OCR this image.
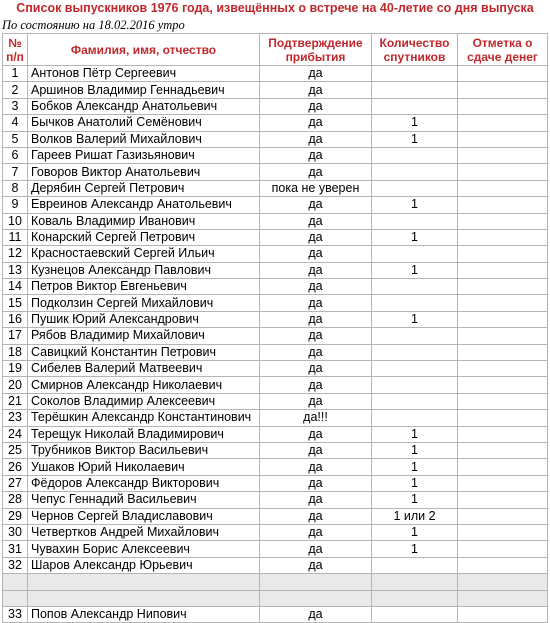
Список выпускников 1976 года, извещённых о встрече на 40-летие со дня выпуска
По состоянию на 18.02.2016 утро
№ п/п	Фамилия, имя, отчество	Подтверждение прибытия	Количество спутников	Отметка о сдаче денег
1	Антонов Пётр Сергеевич	да		
2	Аршинов Владимир Геннадьевич	да		
3	Бобков Александр Анатольевич	да		
4	Бычков Анатолий Семёнович	да	1	
5	Волков Валерий Михайлович	да	1	
6	Гареев Ришат Газизьянович	да		
7	Говоров Виктор Анатольевич	да		
8	Дерябин Сергей Петрович	пока не уверен		
9	Евреинов Александр Анатольевич	да	1	
10	Коваль Владимир Иванович	да		
11	Конарский Сергей Петрович	да	1	
12	Красностаевский Сергей Ильич	да		
13	Кузнецов Александр Павлович	да	1	
14	Петров Виктор Евгеньевич	да		
15	Подколзин Сергей Михайлович	да		
16	Пушик Юрий Александрович	да	1	
17	Рябов Владимир Михайлович	да		
18	Савицкий Константин Петрович	да		
19	Сибелев Валерий Матвеевич	да		
20	Смирнов Александр Николаевич	да		
21	Соколов Владимир Алексеевич	да		
23	Терёшкин Александр Константинович	да!!!		
24	Терещук Николай Владимирович	да	1	
25	Трубников Виктор Васильевич	да	1	
26	Ушаков Юрий Николаевич	да	1	
27	Фёдоров Александр Викторович	да	1	
28	Чепус Геннадий Васильевич	да	1	
29	Чернов Сергей Владиславович	да	1 или 2	
30	Четвертков Андрей Михайлович	да	1	
31	Чувахин Борис Алексеевич	да	1	
32	Шаров Александр Юрьевич	да		

33	Попов Александр Нипович	да		
